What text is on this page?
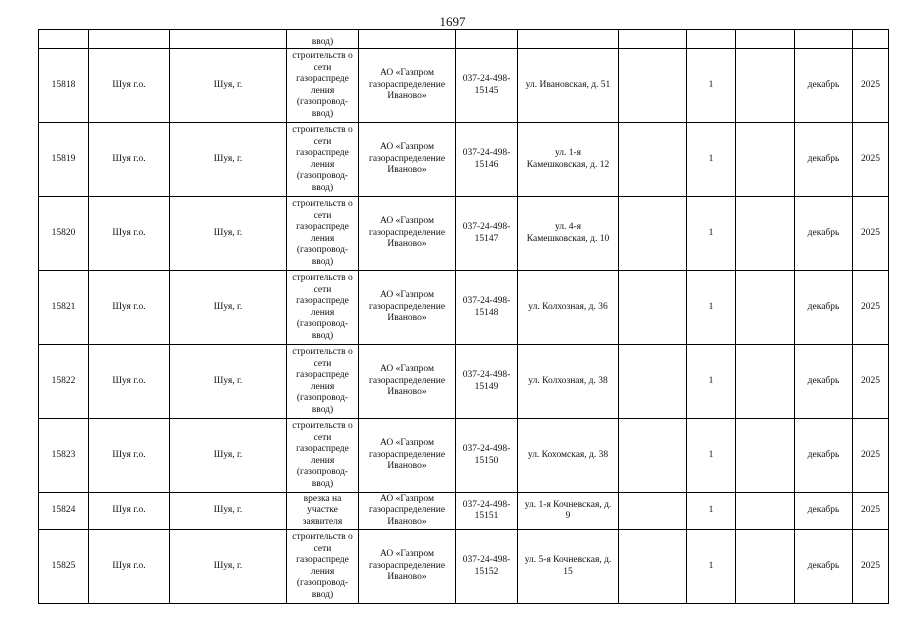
1697
			ввод)								
15818	Шуя г.о.	Шуя, г.	строительств о сети газораспреде ления (газопровод-ввод)	АО «Газпром газораспределение Иваново»	037-24-498-15145	ул. Ивановская, д. 51		1		декабрь	2025
15819	Шуя г.о.	Шуя, г.	строительств о сети газораспреде ления (газопровод-ввод)	АО «Газпром газораспределение Иваново»	037-24-498-15146	ул. 1-я Камешковская, д. 12		1		декабрь	2025
15820	Шуя г.о.	Шуя, г.	строительств о сети газораспреде ления (газопровод-ввод)	АО «Газпром газораспределение Иваново»	037-24-498-15147	ул. 4-я Камешковская, д. 10		1		декабрь	2025
15821	Шуя г.о.	Шуя, г.	строительств о сети газораспреде ления (газопровод-ввод)	АО «Газпром газораспределение Иваново»	037-24-498-15148	ул. Колхозная, д. 36		1		декабрь	2025
15822	Шуя г.о.	Шуя, г.	строительств о сети газораспреде ления (газопровод-ввод)	АО «Газпром газораспределение Иваново»	037-24-498-15149	ул. Колхозная, д. 38		1		декабрь	2025
15823	Шуя г.о.	Шуя, г.	строительств о сети газораспреде ления (газопровод-ввод)	АО «Газпром газораспределение Иваново»	037-24-498-15150	ул. Кохомская, д. 38		1		декабрь	2025
15824	Шуя г.о.	Шуя, г.	врезка на участке заявителя	АО «Газпром газораспределение Иваново»	037-24-498-15151	ул. 1-я Кочневская, д. 9		1		декабрь	2025
15825	Шуя г.о.	Шуя, г.	строительств о сети газораспреде ления (газопровод-ввод)	АО «Газпром газораспределение Иваново»	037-24-498-15152	ул. 5-я Кочневская, д. 15		1		декабрь	2025
